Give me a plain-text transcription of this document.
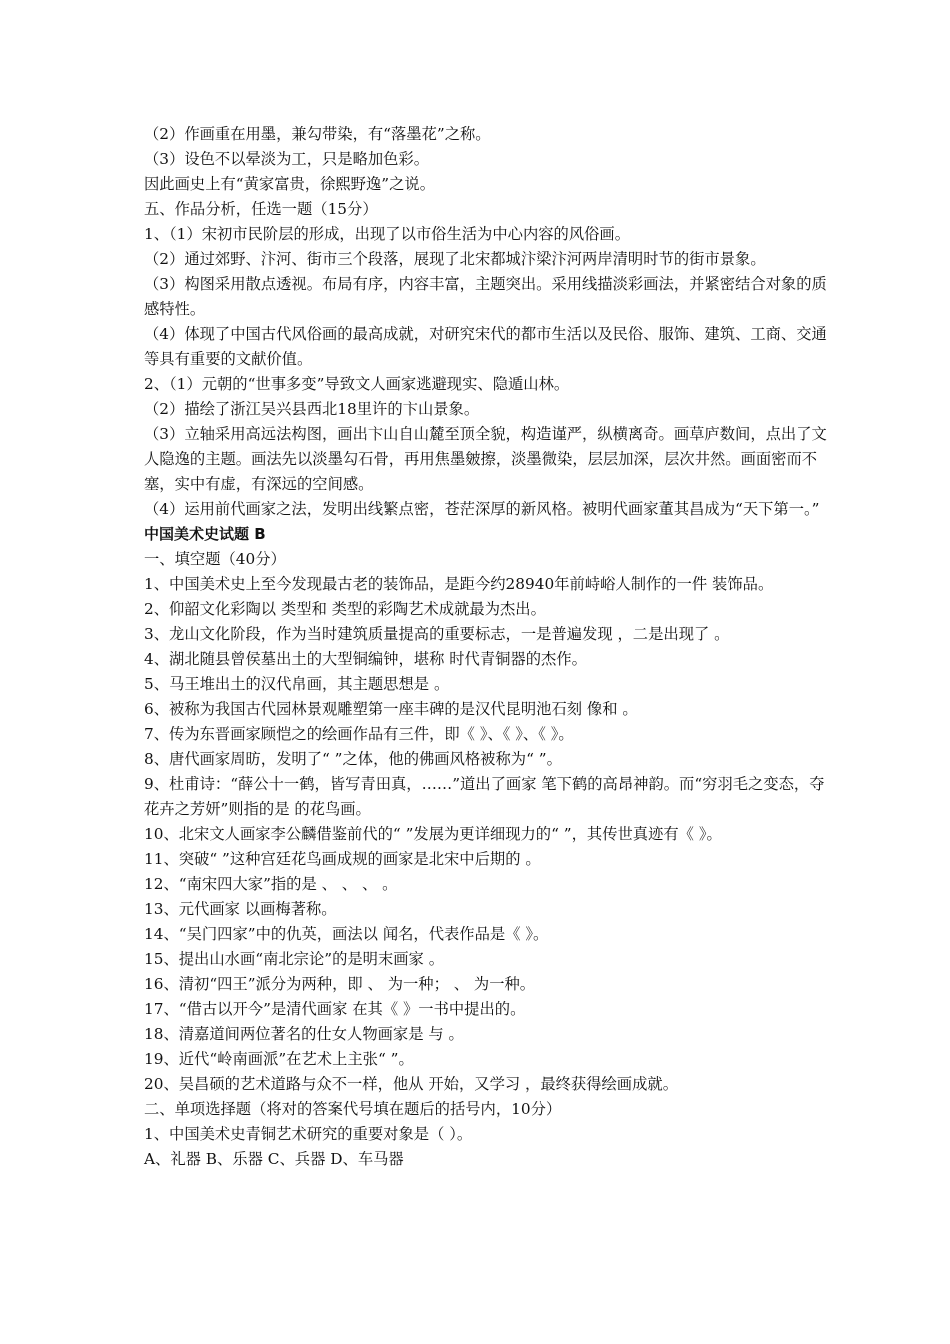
（2）作画重在用墨，兼勾带染，有“落墨花”之称。

（3）设色不以晕淡为工，只是略加色彩。

因此画史上有“黄家富贵，徐熙野逸”之说。

五、作品分析，任选一题（15分）

1、（1）宋初市民阶层的形成，出现了以市俗生活为中心内容的风俗画。

（2）通过郊野、汴河、街市三个段落，展现了北宋都城汴梁汴河两岸清明时节的街市景象。

（3）构图采用散点透视。布局有序，内容丰富，主题突出。采用线描淡彩画法，并紧密结合对象的质感特性。

（4）体现了中国古代风俗画的最高成就，对研究宋代的都市生活以及民俗、服饰、建筑、工商、交通等具有重要的文献价值。

2、（1）元朝的“世事多变”导致文人画家逃避现实、隐遁山林。

（2）描绘了浙江吴兴县西北18里许的卞山景象。

（3）立轴采用高远法构图，画出卞山自山麓至顶全貌，构造谨严，纵横离奇。画草庐数间，点出了文人隐逸的主题。画法先以淡墨勾石骨，再用焦墨皴擦，淡墨微染，层层加深，层次井然。画面密而不塞，实中有虚，有深远的空间感。

（4）运用前代画家之法，发明出线繁点密，苍茫深厚的新风格。被明代画家董其昌成为“天下第一。”

中国美术史试题 B

一、填空题（40分）

1、中国美术史上至今发现最古老的装饰品，是距今约28940年前峙峪人制作的一件 装饰品。

2、仰韶文化彩陶以 类型和 类型的彩陶艺术成就最为杰出。

3、龙山文化阶段，作为当时建筑质量提高的重要标志，一是普遍发现 ，二是出现了 。

4、湖北随县曾侯墓出土的大型铜编钟，堪称 时代青铜器的杰作。

5、马王堆出土的汉代帛画，其主题思想是 。

6、被称为我国古代园林景观雕塑第一座丰碑的是汉代昆明池石刻 像和 。

7、传为东晋画家顾恺之的绘画作品有三件，即《 》、《 》、《 》。

8、唐代画家周昉，发明了“ ”之体，他的佛画风格被称为“ ”。

9、杜甫诗：“薛公十一鹤，皆写青田真，……”道出了画家 笔下鹤的高昂神韵。而“穷羽毛之变态，夺花卉之芳妍”则指的是 的花鸟画。

10、北宋文人画家李公麟借鉴前代的“ ”发展为更详细现力的“ ”，其传世真迹有《 》。

11、突破“ ”这种宫廷花鸟画成规的画家是北宋中后期的 。

12、“南宋四大家”指的是 、 、 、 。

13、元代画家 以画梅著称。

14、“吴门四家”中的仇英，画法以 闻名，代表作品是《 》。

15、提出山水画“南北宗论”的是明末画家 。

16、清初“四王”派分为两种，即 、 为一种； 、 为一种。

17、“借古以开今”是清代画家 在其《 》一书中提出的。

18、清嘉道间两位著名的仕女人物画家是 与 。

19、近代“岭南画派”在艺术上主张“ ”。

20、吴昌硕的艺术道路与众不一样，他从 开始，又学习 ，最终获得绘画成就。

二、单项选择题（将对的答案代号填在题后的括号内，10分）

1、中国美术史青铜艺术研究的重要对象是（ ）。

A、礼器 B、乐器 C、兵器 D、车马器
